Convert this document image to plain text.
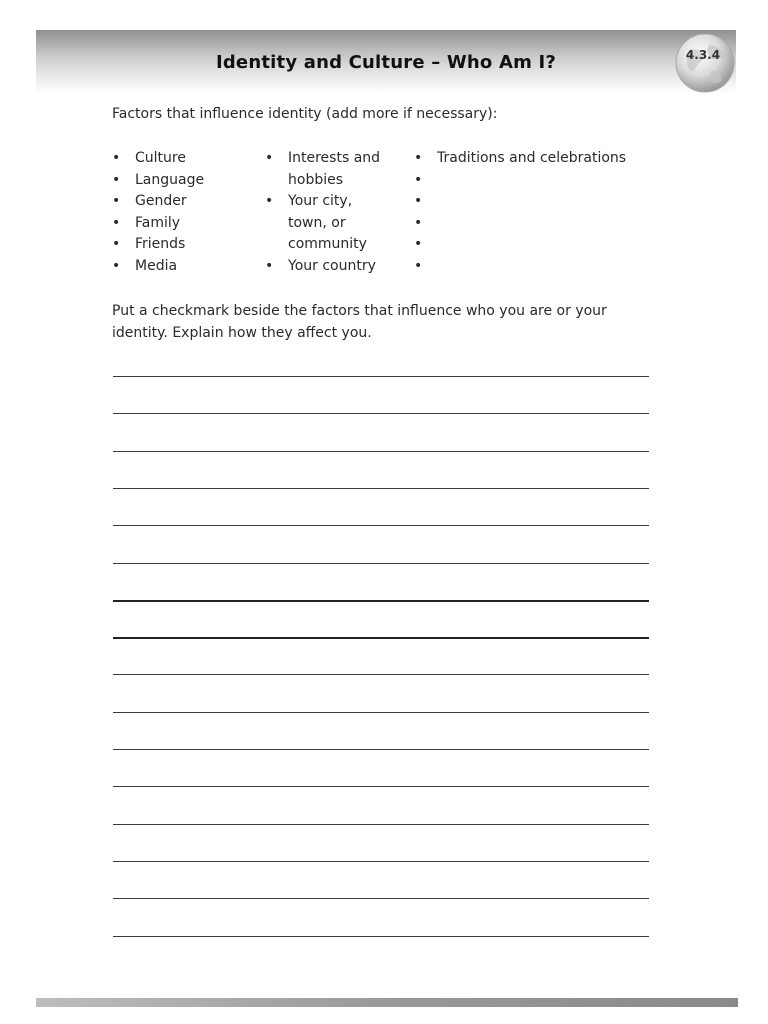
Identity and Culture – Who Am I?	4.3.4
Factors that influence identity (add more if necessary):
• Culture
• Language
• Gender
• Family
• Friends
• Media
• Interests and hobbies
• Your city, town, or community
• Your country
• Traditions and celebrations
•
•
•
•
•
Put a checkmark beside the factors that influence who you are or your identity. Explain how they affect you.
